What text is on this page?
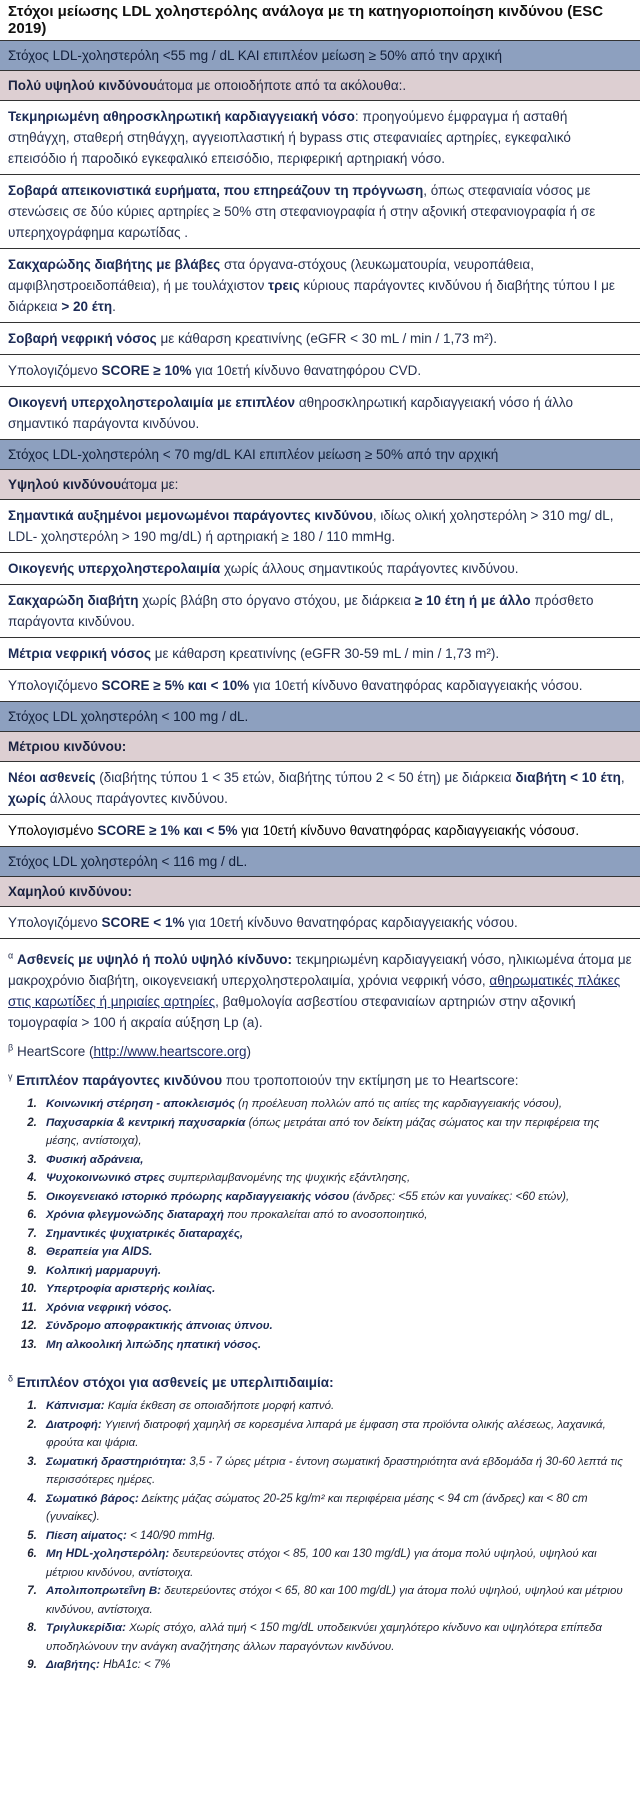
Στόχοι μείωσης LDL χοληστερόλης ανάλογα με τη κατηγοριοποίηση κινδύνου (ESC 2019)
Στόχος LDL-χοληστερόλη <55 mg / dL ΚΑΙ επιπλέον μείωση ≥ 50% από την αρχική
Πολύ υψηλού κινδύνου άτομα με οποιοδήποτε από τα ακόλουθα:.
Τεκμηριωμένη αθηροσκληρωτική καρδιαγγειακή νόσο: προηγούμενο έμφραγμα ή ασταθή στηθάγχη, σταθερή στηθάγχη, αγγειοπλαστική ή bypass στις στεφανιαίες αρτηρίες, εγκεφαλικό επεισόδιο ή παροδικό εγκεφαλικό επεισόδιο, περιφερική αρτηριακή νόσο.
Σοβαρά απεικονιστικά ευρήματα, που επηρεάζουν τη πρόγνωση, όπως στεφανιαία νόσος με στενώσεις σε δύο κύριες αρτηρίες ≥ 50% στη στεφανιογραφία ή στην αξονική στεφανιογραφία ή σε υπερηχογράφημα καρωτίδας .
Σακχαρώδης διαβήτης με βλάβες στα όργανα-στόχους (λευκωματουρία, νευροπάθεια, αμφιβληστροειδοπάθεια), ή με τουλάχιστον τρεις κύριους παράγοντες κινδύνου ή διαβήτης τύπου Ι με διάρκεια > 20 έτη.
Σοβαρή νεφρική νόσος με κάθαρση κρεατινίνης (eGFR < 30 mL / min / 1,73 m²).
Υπολογιζόμενο SCORE ≥ 10% για 10ετή κίνδυνο θανατηφόρου CVD.
Οικογενή υπερχοληστερολαιμία με επιπλέον αθηροσκληρωτική καρδιαγγειακή νόσο ή άλλο σημαντικό παράγοντα κινδύνου.
Στόχος LDL-χοληστερόλη < 70 mg/dL ΚΑΙ επιπλέον μείωση ≥ 50% από την αρχική
Υψηλού κινδύνου άτομα με:
Σημαντικά αυξημένοι μεμονωμένοι παράγοντες κινδύνου, ιδίως ολική χοληστερόλη > 310 mg/ dL, LDL- χοληστερόλη > 190 mg/dL) ή αρτηριακή ≥ 180 / 110 mmHg.
Οικογενής υπερχοληστερολαιμία χωρίς άλλους σημαντικούς παράγοντες κινδύνου.
Σακχαρώδη διαβήτη χωρίς βλάβη στο όργανο στόχου, με διάρκεια ≥ 10 έτη ή με άλλο πρόσθετο παράγοντα κινδύνου.
Μέτρια νεφρική νόσος με κάθαρση κρεατινίνης (eGFR 30-59 mL / min / 1,73 m²).
Υπολογιζόμενο SCORE ≥ 5% και < 10% για 10ετή κίνδυνο θανατηφόρας καρδιαγγειακής νόσου.
Στόχος LDL χοληστερόλη < 100 mg / dL.
Μέτριου κινδύνου:
Νέοι ασθενείς (διαβήτης τύπου 1 < 35 ετών, διαβήτης τύπου 2 < 50 έτη) με διάρκεια διαβήτη < 10 έτη, χωρίς άλλους παράγοντες κινδύνου.
Υπολογισμένο SCORE ≥ 1% και < 5% για 10ετή κίνδυνο θανατηφόρας καρδιαγγειακής νόσουσ.
Στόχος LDL χοληστερόλη < 116 mg / dL.
Χαμηλού κινδύνου:
Υπολογιζόμενο SCORE < 1% για 10ετή κίνδυνο θανατηφόρας καρδιαγγειακής νόσου.
$^\alpha$ Ασθενείς με υψηλό ή πολύ υψηλό κίνδυνο: τεκμηριωμένη καρδιαγγειακή νόσο, ηλικιωμένα άτομα με μακροχρόνιο διαβήτη, οικογενειακή υπερχοληστερολαιμία, χρόνια νεφρική νόσο, αθηρωματικές πλάκες στις καρωτίδες ή μηριαίες αρτηρίες, βαθμολογία ασβεστίου στεφανιαίων αρτηριών στην αξονική τομογραφία > 100 ή ακραία αύξηση Lp (a).
$^\beta$ HeartScore (http://www.heartscore.org)
$^\gamma$ Επιπλέον παράγοντες κινδύνου που τροποποιούν την εκτίμηση με το Heartscore:
1. Κοινωνική στέρηση - αποκλεισμός (η προέλευση πολλών από τις αιτίες της καρδιαγγειακής νόσου),
2. Παχυσαρκία & κεντρική παχυσαρκία (όπως μετράται από τον δείκτη μάζας σώματος και την περιφέρεια της μέσης, αντίστοιχα),
3. Φυσική αδράνεια,
4. Ψυχοκοινωνικό στρες συμπεριλαμβανομένης της ψυχικής εξάντλησης,
5. Οικογενειακό ιστορικό πρόωρης καρδιαγγειακής νόσου (άνδρες: <55 ετών και γυναίκες: <60 ετών),
6. Χρόνια φλεγμονώδης διαταραχή που προκαλείται από το ανοσοποιητικό,
7. Σημαντικές ψυχιατρικές διαταραχές,
8. Θεραπεία για AIDS.
9. Κολπική μαρμαρυγή.
10. Υπερτροφία αριστερής κοιλίας.
11. Χρόνια νεφρική νόσος.
12. Σύνδρομο αποφρακτικής άπνοιας ύπνου.
13. Μη αλκοολική λιπώδης ηπατική νόσος.
$^\delta$ Επιπλέον στόχοι για ασθενείς με υπερλιπιδαιμία:
1. Κάπνισμα: Καμία έκθεση σε οποιαδήποτε μορφή καπνό.
2. Διατροφή: Υγιεινή διατροφή χαμηλή σε κορεσμένα λιπαρά με έμφαση στα προϊόντα ολικής αλέσεως, λαχανικά, φρούτα και ψάρια.
3. Σωματική δραστηριότητα: 3,5 - 7 ώρες μέτρια - έντονη σωματική δραστηριότητα ανά εβδομάδα ή 30-60 λεπτά τις περισσότερες ημέρες.
4. Σωματικό βάρος: Δείκτης μάζας σώματος 20-25 kg/m² και περιφέρεια μέσης < 94 cm (άνδρες) και < 80 cm (γυναίκες).
5. Πίεση αίματος: < 140/90 mmHg.
6. Μη HDL-χοληστερόλη: δευτερεύοντες στόχοι < 85, 100 και 130 mg/dL) για άτομα πολύ υψηλού, υψηλού και μέτριου κινδύνου, αντίστοιχα.
7. Απολιποπρωτεΐνη Β: δευτερεύοντες στόχοι < 65, 80 και 100 mg/dL) για άτομα πολύ υψηλού, υψηλού και μέτριου κινδύνου, αντίστοιχα.
8. Τριγλυκερίδια: Χωρίς στόχο, αλλά τιμή < 150 mg/dL υποδεικνύει χαμηλότερο κίνδυνο και υψηλότερα επίπεδα υποδηλώνουν την ανάγκη αναζήτησης άλλων παραγόντων κινδύνου.
9. Διαβήτης: HbA1c: < 7%
